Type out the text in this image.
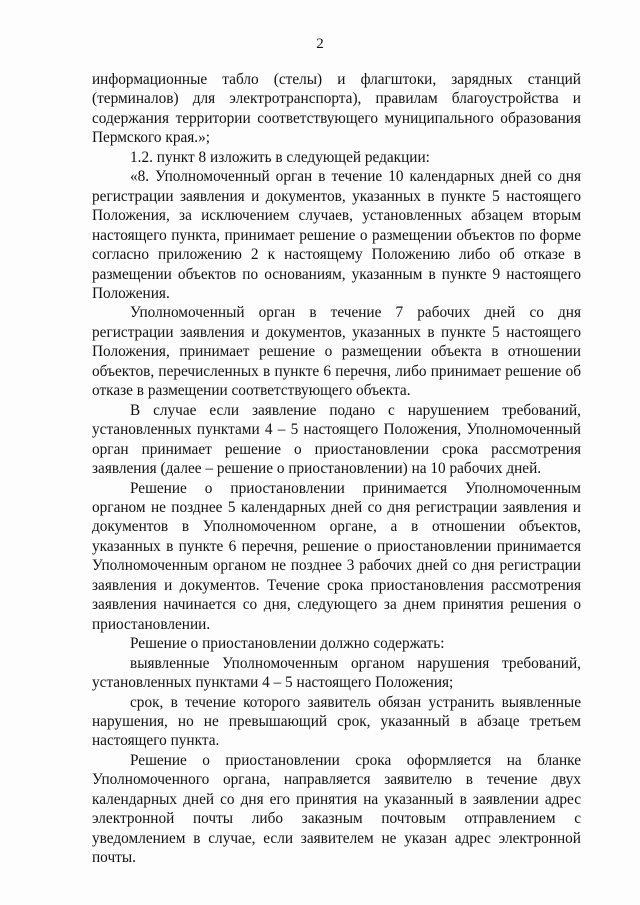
2

информационные табло (стелы) и флагштоки, зарядных станций (терминалов) для электротранспорта), правилам благоустройства и содержания территории соответствующего муниципального образования Пермского края.»;

1.2. пункт 8 изложить в следующей редакции:

«8. Уполномоченный орган в течение 10 календарных дней со дня регистрации заявления и документов, указанных в пункте 5 настоящего Положения, за исключением случаев, установленных абзацем вторым настоящего пункта, принимает решение о размещении объектов по форме согласно приложению 2 к настоящему Положению либо об отказе в размещении объектов по основаниям, указанным в пункте 9 настоящего Положения.

Уполномоченный орган в течение 7 рабочих дней со дня регистрации заявления и документов, указанных в пункте 5 настоящего Положения, принимает решение о размещении объекта в отношении объектов, перечисленных в пункте 6 перечня, либо принимает решение об отказе в размещении соответствующего объекта.

В случае если заявление подано с нарушением требований, установленных пунктами 4 – 5 настоящего Положения, Уполномоченный орган принимает решение о приостановлении срока рассмотрения заявления (далее – решение о приостановлении) на 10 рабочих дней.

Решение о приостановлении принимается Уполномоченным органом не позднее 5 календарных дней со дня регистрации заявления и документов в Уполномоченном органе, а в отношении объектов, указанных в пункте 6 перечня, решение о приостановлении принимается Уполномоченным органом не позднее 3 рабочих дней со дня регистрации заявления и документов. Течение срока приостановления рассмотрения заявления начинается со дня, следующего за днем принятия решения о приостановлении.

Решение о приостановлении должно содержать:

выявленные Уполномоченным органом нарушения требований, установленных пунктами 4 – 5 настоящего Положения;

срок, в течение которого заявитель обязан устранить выявленные нарушения, но не превышающий срок, указанный в абзаце третьем настоящего пункта.

Решение о приостановлении срока оформляется на бланке Уполномоченного органа, направляется заявителю в течение двух календарных дней со дня его принятия на указанный в заявлении адрес электронной почты либо заказным почтовым отправлением с уведомлением в случае, если заявителем не указан адрес электронной почты.
